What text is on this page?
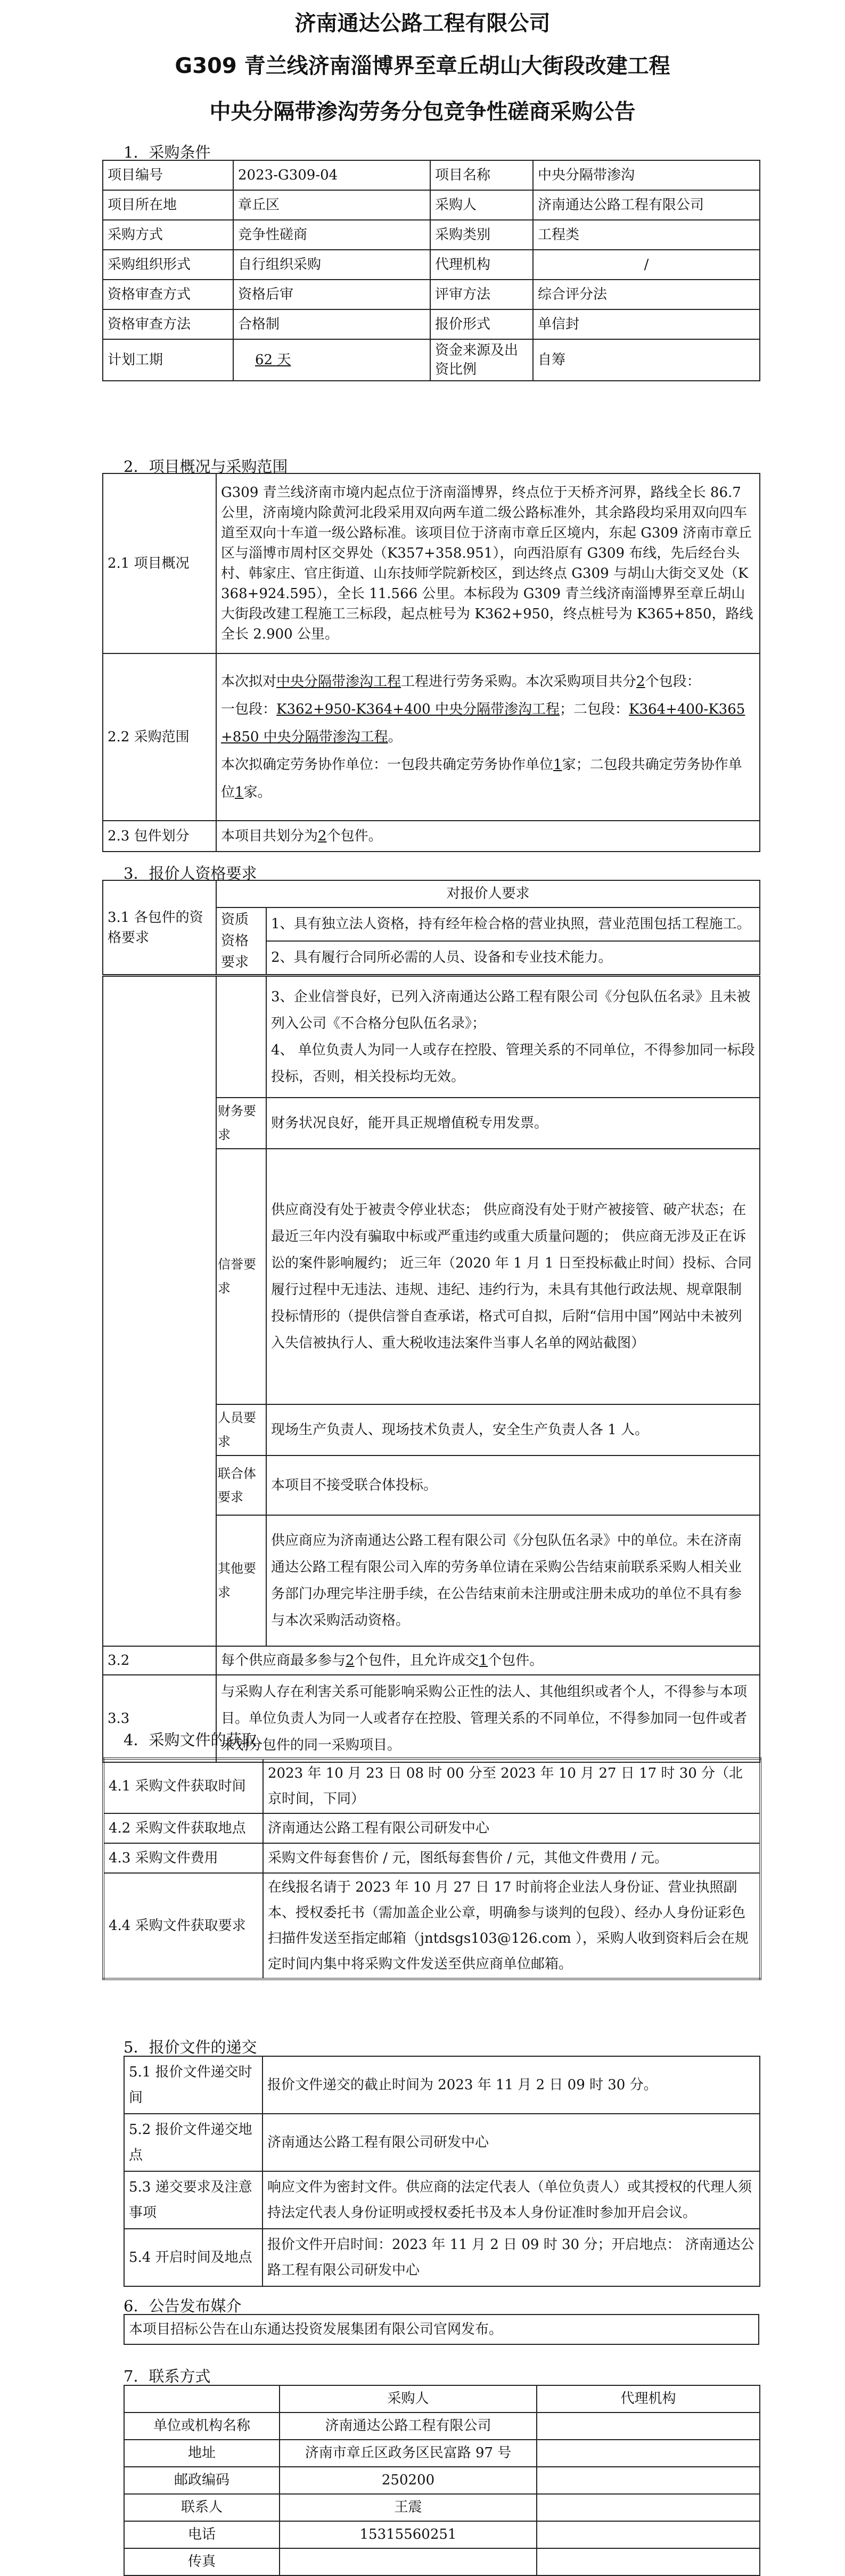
济南通达公路工程有限公司
G309 青兰线济南淄博界至章丘胡山大街段改建工程
中央分隔带渗沟劳务分包竞争性磋商采购公告
1．采购条件
项目编号	2023-G309-04	项目名称	中央分隔带渗沟
项目所在地	章丘区	采购人	济南通达公路工程有限公司
采购方式	竞争性磋商	采购类别	工程类
采购组织形式	自行组织采购	代理机构	/
资格审查方式	资格后审	评审方法	综合评分法
资格审查方法	合格制	报价形式	单信封
计划工期	62 天	资金来源及出资比例	自筹
2．项目概况与采购范围
2.1 项目概况	G309 青兰线济南市境内起点位于济南淄博界，终点位于天桥齐河界，路线全长 86.7 公里，济南境内除黄河北段采用双向两车道二级公路标准外，其余路段均采用双向四车道至双向十车道一级公路标准。该项目位于济南市章丘区境内，东起 G309 济南市章丘区与淄博市周村区交界处（K357+358.951），向西沿原有 G309 布线，先后经台头村、韩家庄、官庄街道、山东技师学院新校区，到达终点 G309 与胡山大街交叉处（K368+924.595），全长 11.566 公里。本标段为 G309 青兰线济南淄博界至章丘胡山大街段改建工程施工三标段，起点桩号为 K362+950，终点桩号为 K365+850，路线全长 2.900 公里。
2.2 采购范围	本次拟对中央分隔带渗沟工程工程进行劳务采购。本次采购项目共分2个包段：
一包段：K362+950-K364+400 中央分隔带渗沟工程；二包段：K364+400-K365+850 中央分隔带渗沟工程。
本次拟确定劳务协作单位：一包段共确定劳务协作单位1家；二包段共确定劳务协作单位1家。

2.3 包件划分	本项目共划分为2个包件。
3．报价人资格要求
3.1 各包件的资格要求	对报价人要求	
	资质资格要求	1、具有独立法人资格，持有经年检合格的营业执照，营业范围包括工程施工。
		2、具有履行合同所必需的人员、设备和专业技术能力。

		3、企业信誉良好，已列入济南通达公路工程有限公司《分包队伍名录》且未被列入公司《不合格分包队伍名录》；
4、 单位负责人为同一人或存在控股、管理关系的不同单位，不得参加同一标段投标，否则，相关投标均无效。

	财务要求	财务状况良好，能开具正规增值税专用发票。
	信誉要求	供应商没有处于被责令停业状态； 供应商没有处于财产被接管、破产状态；在最近三年内没有骗取中标或严重违约或重大质量问题的； 供应商无涉及正在诉讼的案件影响履约； 近三年（2020 年 1 月 1 日至投标截止时间）投标、合同履行过程中无违法、违规、违纪、违约行为，未具有其他行政法规、规章限制投标情形的（提供信誉自查承诺，格式可自拟，后附“信用中国”网站中未被列入失信被执行人、重大税收违法案件当事人名单的网站截图）
	人员要求	现场生产负责人、现场技术负责人，安全生产负责人各 1 人。
	联合体要求	本项目不接受联合体投标。
	其他要求	供应商应为济南通达公路工程有限公司《分包队伍名录》中的单位。未在济南通达公路工程有限公司入库的劳务单位请在采购公告结束前联系采购人相关业务部门办理完毕注册手续，在公告结束前未注册或注册未成功的单位不具有参与本次采购活动资格。
3.2	每个供应商最多参与2个包件，且允许成交1个包件。	
3.3	与采购人存在利害关系可能影响采购公正性的法人、其他组织或者个人，不得参与本项目。单位负责人为同一人或者存在控股、管理关系的不同单位，不得参加同一包件或者未划分包件的同一采购项目。	
4．采购文件的获取
4.1 采购文件获取时间	2023 年 10 月 23 日 08 时 00 分至 2023 年 10 月 27 日 17 时 30 分（北京时间，下同）
4.2 采购文件获取地点	济南通达公路工程有限公司研发中心
4.3 采购文件费用	采购文件每套售价 / 元，图纸每套售价 / 元，其他文件费用 / 元。
4.4 采购文件获取要求	在线报名请于 2023 年 10 月 27 日 17 时前将企业法人身份证、营业执照副本、授权委托书（需加盖企业公章，明确参与谈判的包段）、经办人身份证彩色扫描件发送至指定邮箱（jntdsgs103@126.com ），采购人收到资料后会在规定时间内集中将采购文件发送至供应商单位邮箱。
5．报价文件的递交
5.1 报价文件递交时间	报价文件递交的截止时间为 2023 年 11 月 2 日 09 时 30 分。
5.2 报价文件递交地点	济南通达公路工程有限公司研发中心
5.3 递交要求及注意事项	响应文件为密封文件。供应商的法定代表人（单位负责人）或其授权的代理人须持法定代表人身份证明或授权委托书及本人身份证准时参加开启会议。
5.4 开启时间及地点	报价文件开启时间：2023 年 11 月 2 日 09 时 30 分；开启地点： 济南通达公路工程有限公司研发中心
6．公告发布媒介
本项目招标公告在山东通达投资发展集团有限公司官网发布。
7．联系方式
	采购人	代理机构
单位或机构名称	济南通达公路工程有限公司	
地址	济南市章丘区政务区民富路 97 号	
邮政编码	250200	
联系人	王震	
电话	15315560251	
传真		
